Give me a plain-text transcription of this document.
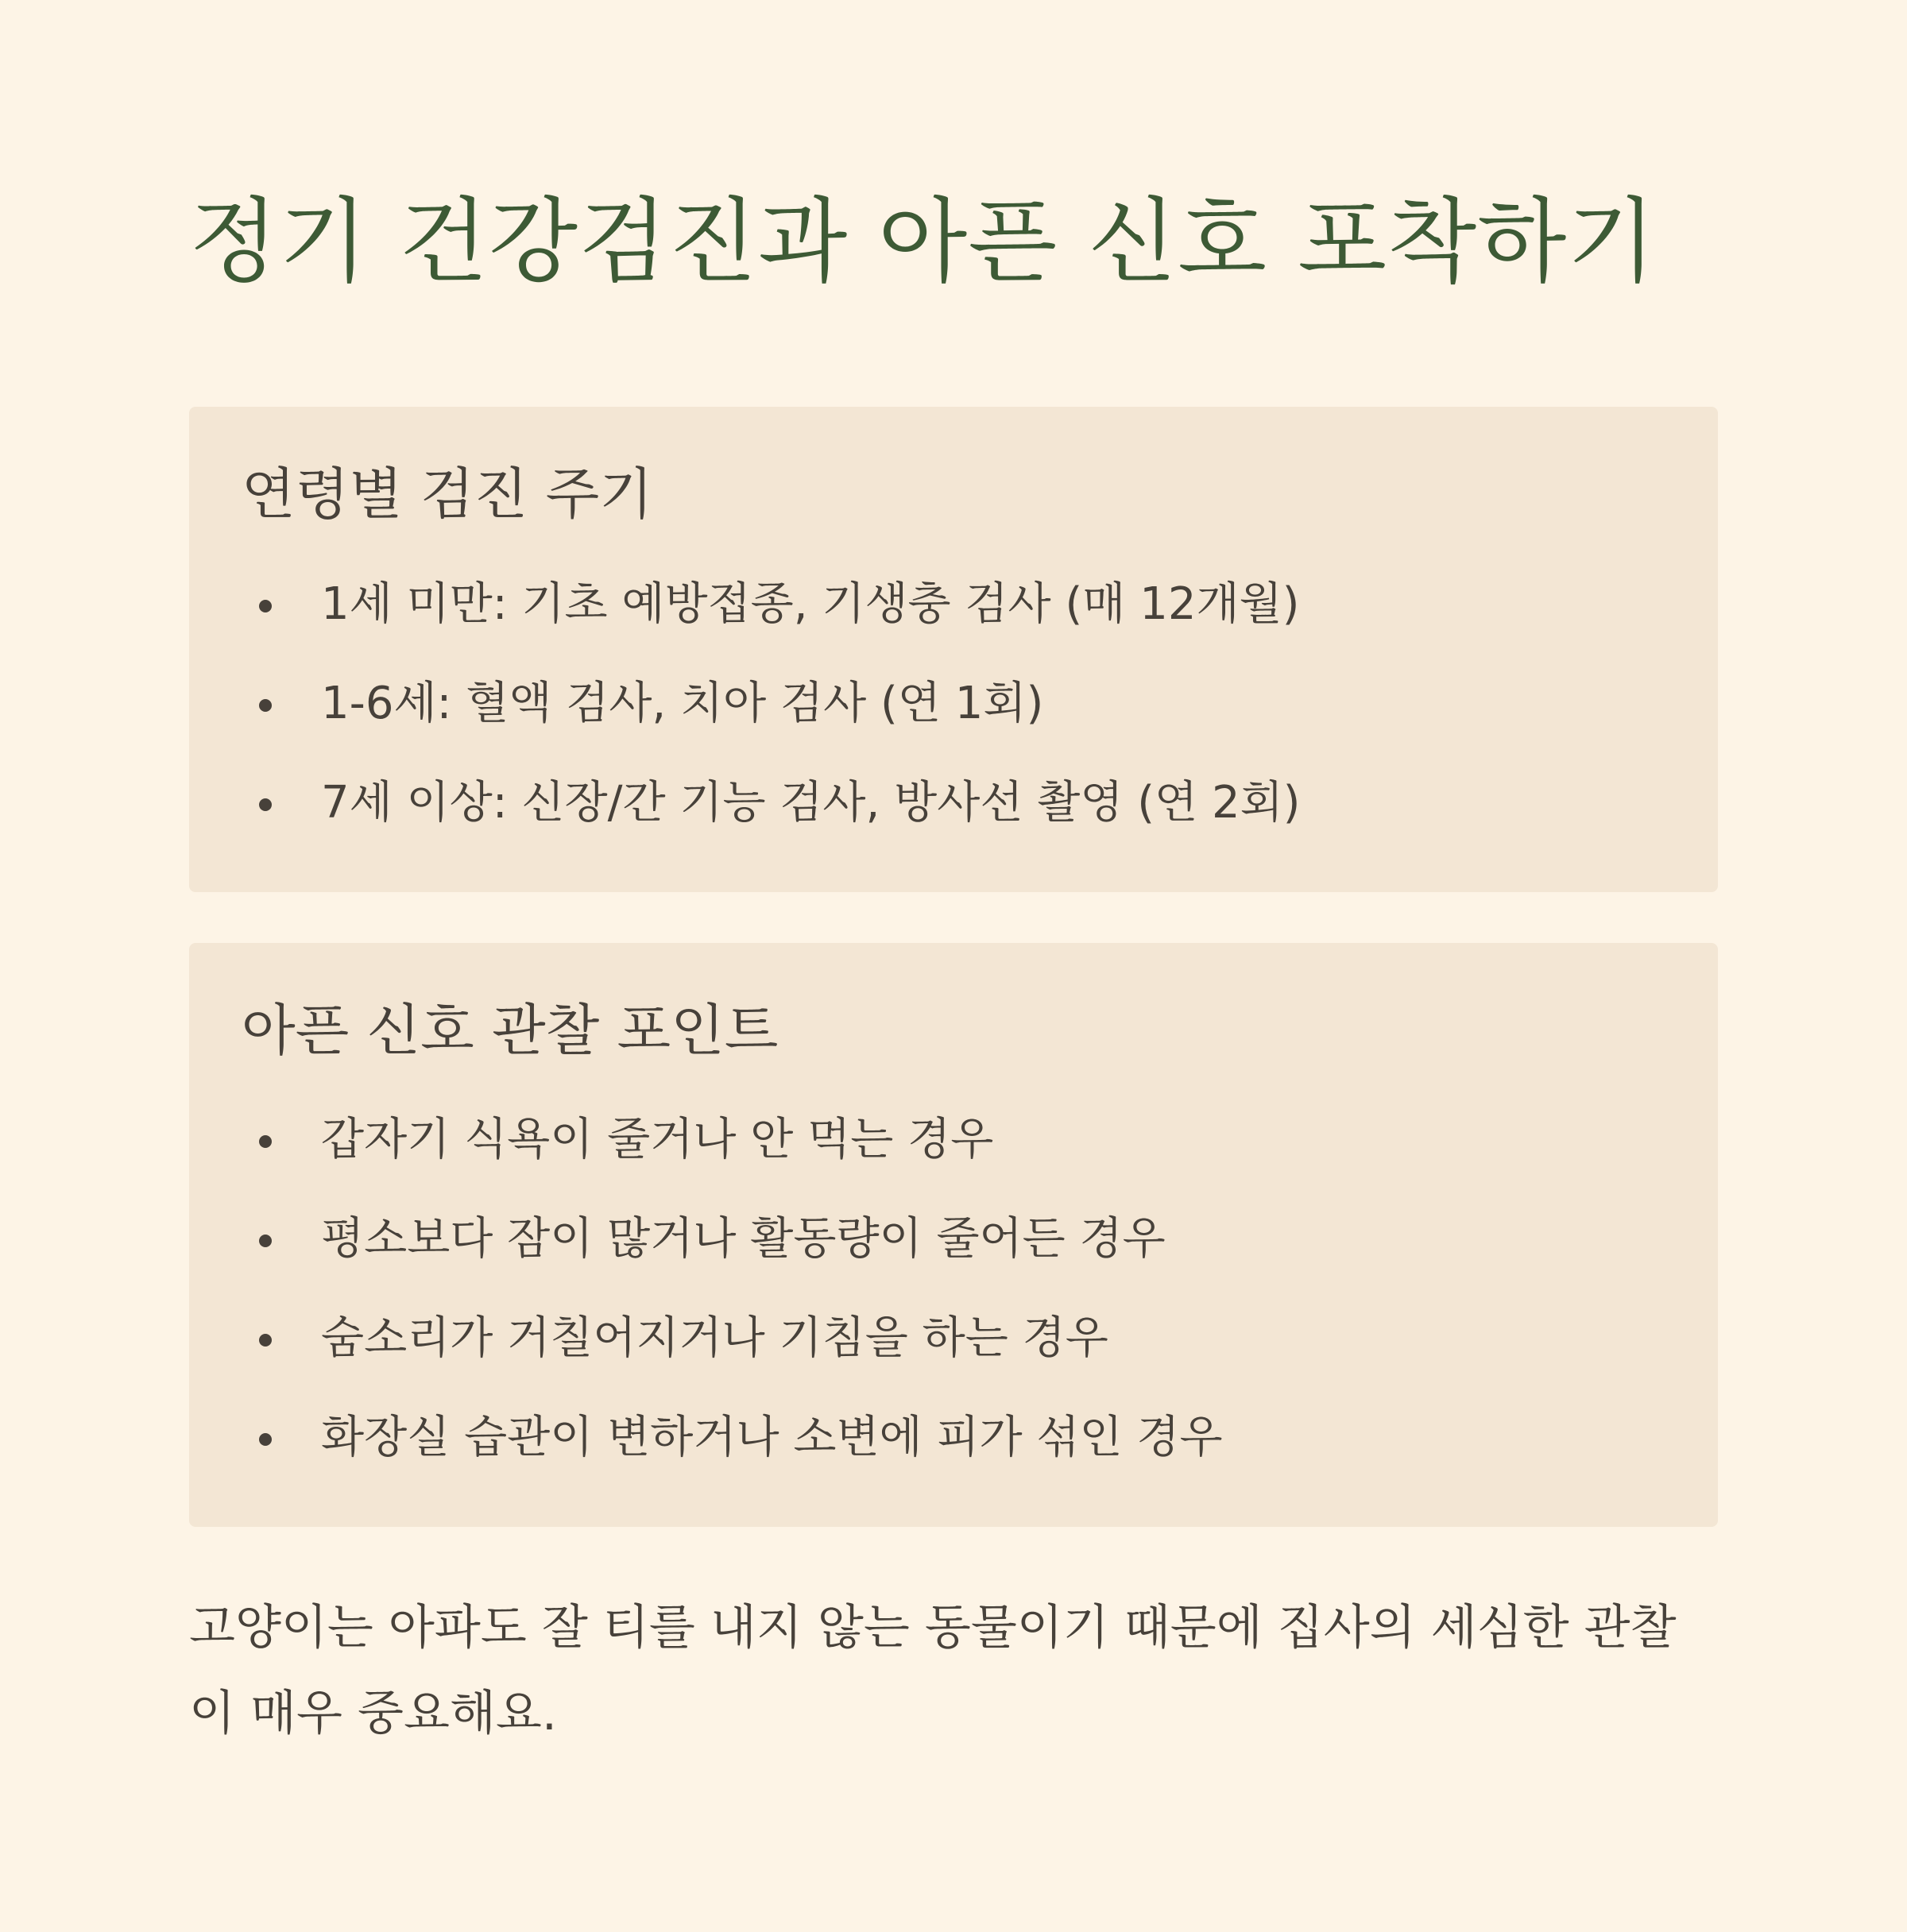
정기 건강검진과 아픈 신호 포착하기
연령별 검진 주기
1세 미만: 기초 예방접종, 기생충 검사 (매 12개월)
1-6세: 혈액 검사, 치아 검사 (연 1회)
7세 이상: 신장/간 기능 검사, 방사선 촬영 (연 2회)
아픈 신호 관찰 포인트
갑자기 식욕이 줄거나 안 먹는 경우
평소보다 잠이 많거나 활동량이 줄어든 경우
숨소리가 거칠어지거나 기침을 하는 경우
화장실 습관이 변하거나 소변에 피가 섞인 경우

고양이는 아파도 잘 티를 내지 않는 동물이기 때문에 집사의 세심한 관찰이 매우 중요해요.
